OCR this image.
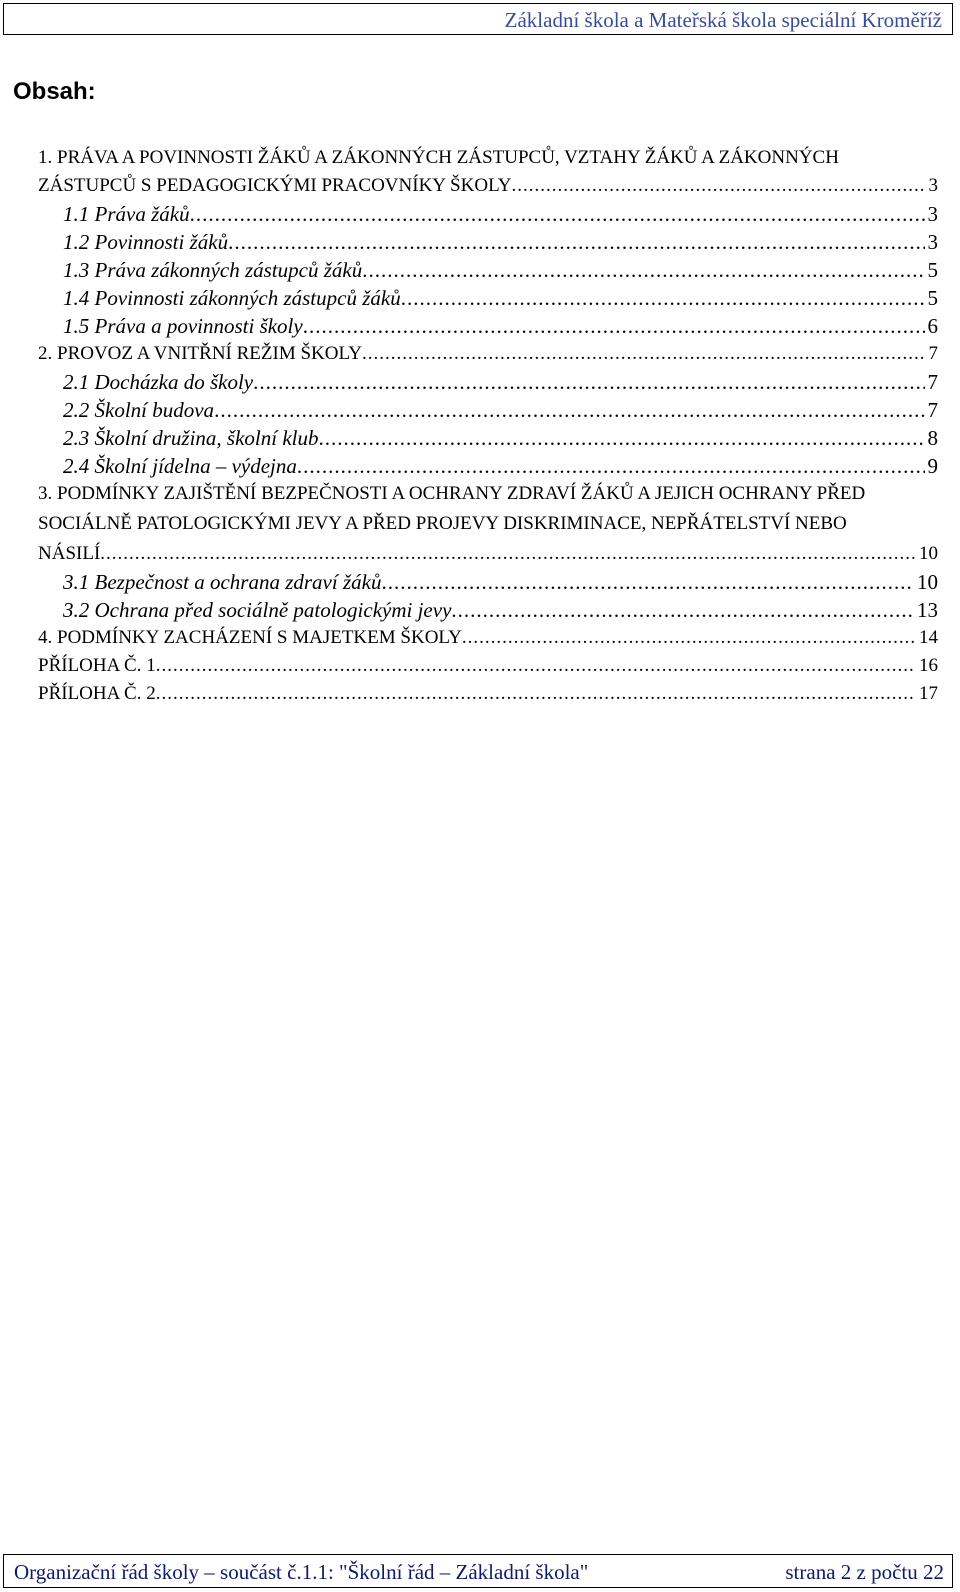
Základní škola a Mateřská škola speciální Kroměříž
Obsah:
1. PRÁVA A POVINNOSTI ŽÁKŮ A ZÁKONNÝCH ZÁSTUPCŮ, VZTAHY ŽÁKŮ A ZÁKONNÝCH
ZÁSTUPCŮ S PEDAGOGICKÝMI PRACOVNÍKY ŠKOLY .....	3
1.1 Práva žáků .....	3
1.2 Povinnosti žáků .....	3
1.3 Práva zákonných zástupců žáků .....	5
1.4 Povinnosti zákonných zástupců žáků .....	5
1.5 Práva a povinnosti školy .....	6
2. PROVOZ A VNITŘNÍ REŽIM ŠKOLY .....	7
2.1 Docházka do školy .....	7
2.2 Školní budova .....	7
2.3 Školní družina, školní klub .....	8
2.4 Školní jídelna – výdejna .....	9
3. PODMÍNKY ZAJIŠTĚNÍ BEZPEČNOSTI A OCHRANY ZDRAVÍ ŽÁKŮ A JEJICH OCHRANY PŘED
SOCIÁLNĚ PATOLOGICKÝMI JEVY A PŘED PROJEVY DISKRIMINACE, NEPŘÁTELSTVÍ NEBO
NÁSILÍ .....	10
3.1 Bezpečnost a ochrana zdraví žáků .....	10
3.2 Ochrana před sociálně patologickými jevy .....	13
4. PODMÍNKY ZACHÁZENÍ S MAJETKEM ŠKOLY .....	14
PŘÍLOHA Č. 1 .....	16
PŘÍLOHA Č. 2 .....	17
Organizační řád školy – součást č.1.1: "Školní řád – Základní škola"	strana 2 z počtu 22
